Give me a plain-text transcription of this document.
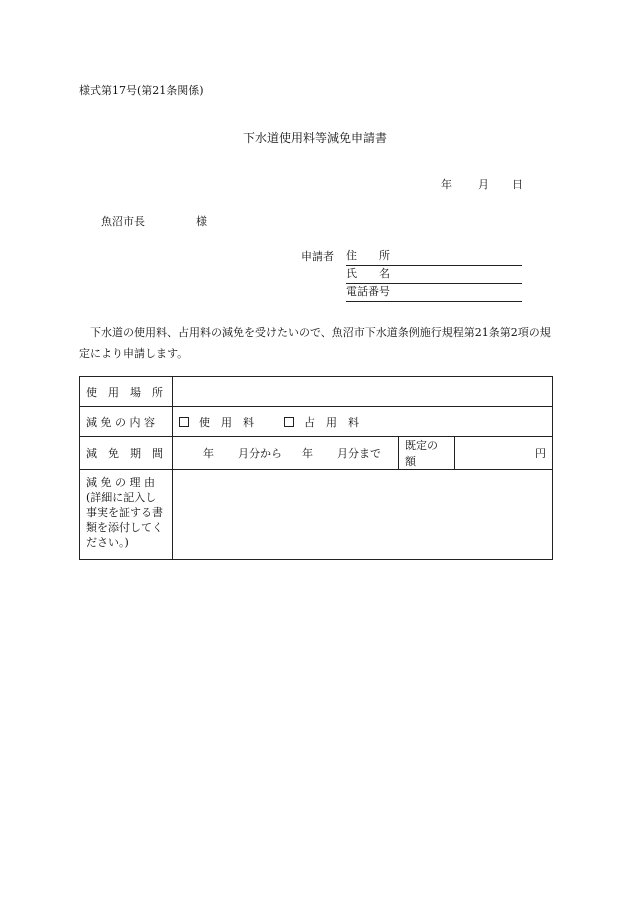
様式第17号(第21条関係)
下水道使用料等減免申請書
年 月 日
魚沼市長	様
申請者 住　　所
氏　　名
電話番号
下水道の使用料、占用料の減免を受けたいので、魚沼市下水道条例施行規程第21条第2項の規定により申請します。
使　用　場　所			
減 免 の 内 容	使　用　料 占　用　料		

減　免　期　間	年 月分から 年 月分まで	既定の額	円

減 免 の 理 由
(詳細に記入し
事実を証する書
類を添付してく
ださい。)			
